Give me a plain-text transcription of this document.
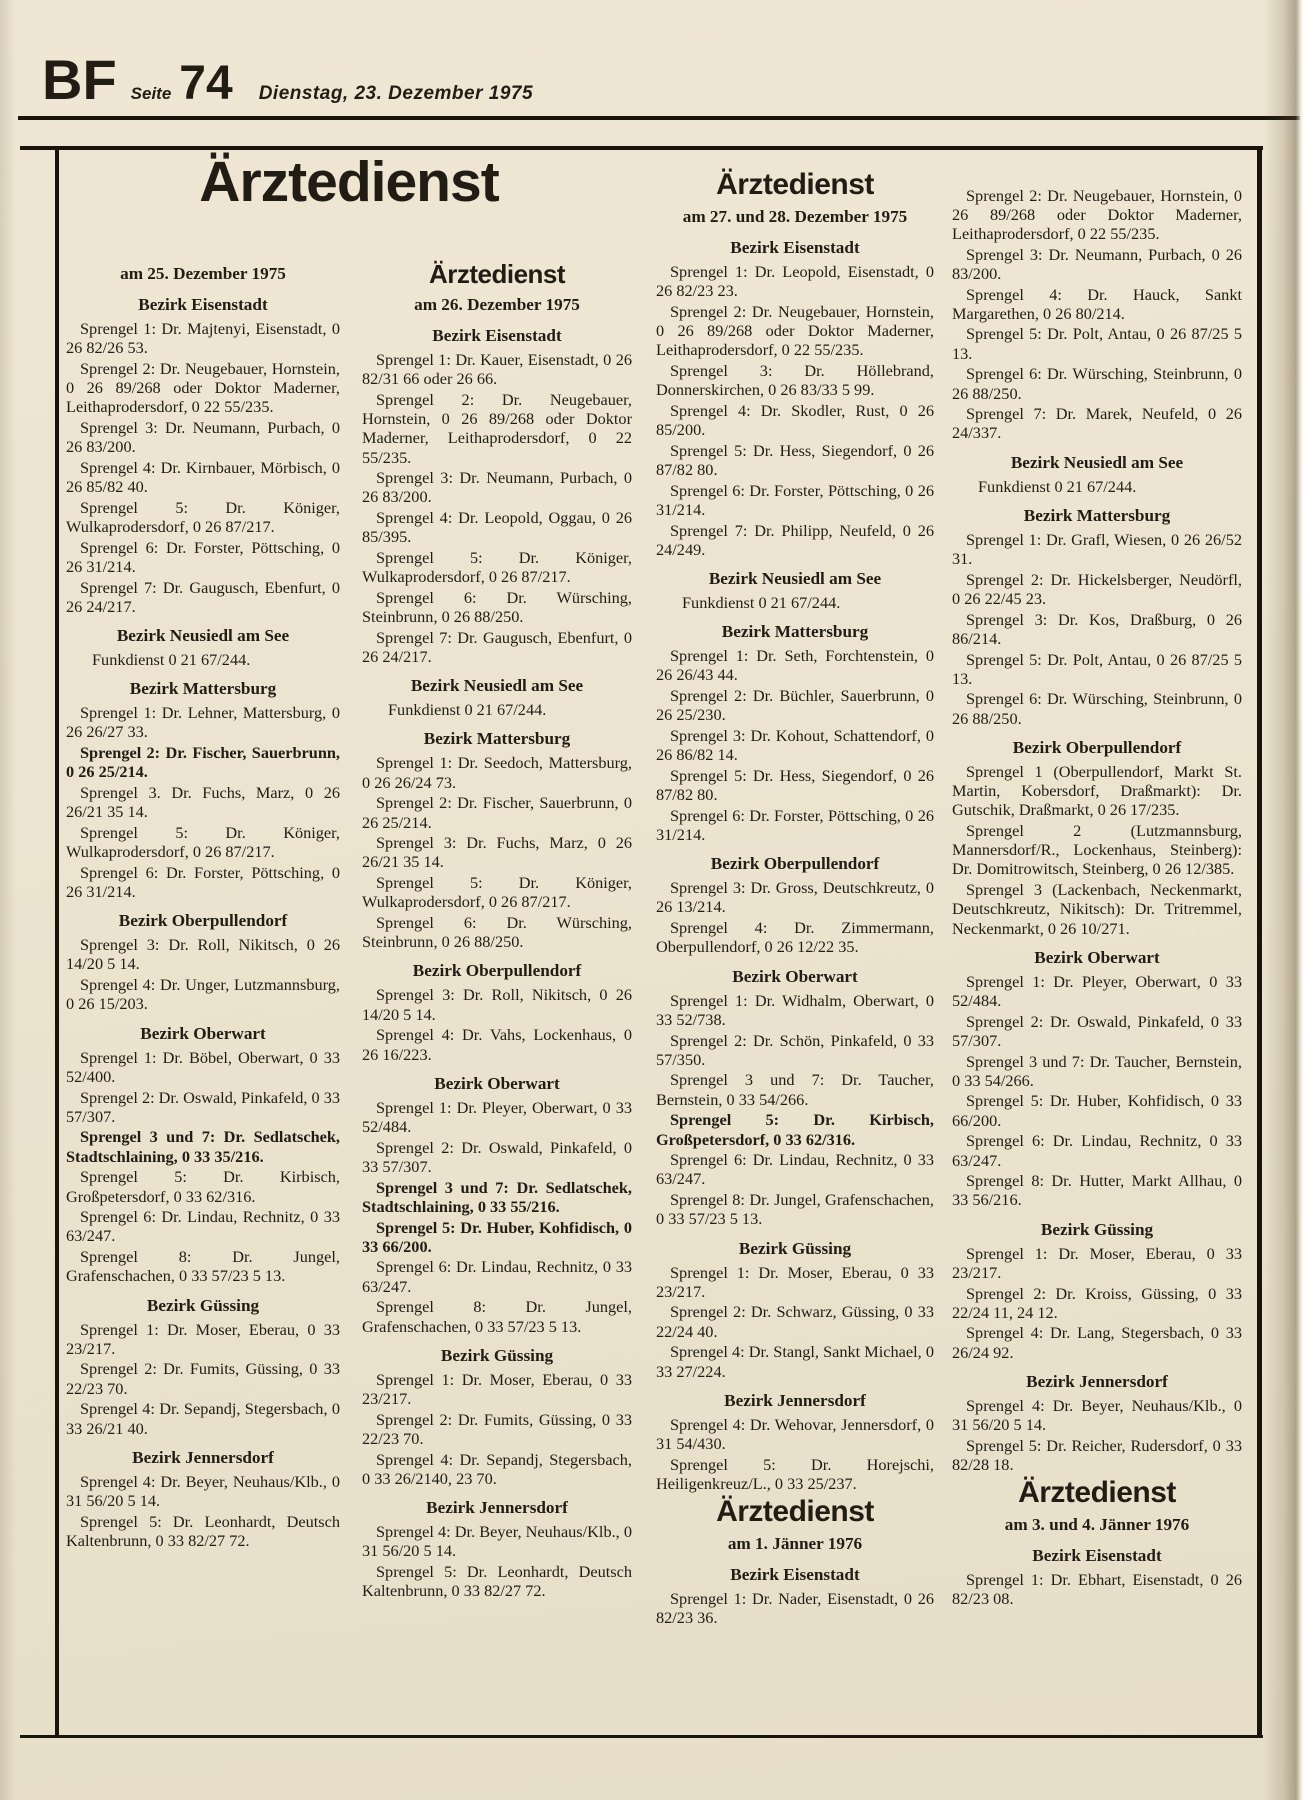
BF Seite 74 Dienstag, 23. Dezember 1975
Ärztedienst
am 25. Dezember 1975
Bezirk Eisenstadt
Sprengel 1: Dr. Majtenyi, Eisenstadt, 0 26 82/26 53.
Sprengel 2: Dr. Neugebauer, Hornstein, 0 26 89/268 oder Doktor Maderner, Leithaprodersdorf, 0 22 55/235.
Sprengel 3: Dr. Neumann, Purbach, 0 26 83/200.
Sprengel 4: Dr. Kirnbauer, Mörbisch, 0 26 85/82 40.
Sprengel 5: Dr. Königer, Wulkaprodersdorf, 0 26 87/217.
Sprengel 6: Dr. Forster, Pöttsching, 0 26 31/214.
Sprengel 7: Dr. Gaugusch, Ebenfurt, 0 26 24/217.
Bezirk Neusiedl am See
Funkdienst 0 21 67/244.
Bezirk Mattersburg
Sprengel 1: Dr. Lehner, Mattersburg, 0 26 26/27 33.
Sprengel 2: Dr. Fischer, Sauerbrunn, 0 26 25/214.
Sprengel 3. Dr. Fuchs, Marz, 0 26 26/21 35 14.
Sprengel 5: Dr. Königer, Wulkaprodersdorf, 0 26 87/217.
Sprengel 6: Dr. Forster, Pöttsching, 0 26 31/214.
Bezirk Oberpullendorf
Sprengel 3: Dr. Roll, Nikitsch, 0 26 14/20 5 14.
Sprengel 4: Dr. Unger, Lutzmannsburg, 0 26 15/203.
Bezirk Oberwart
Sprengel 1: Dr. Böbel, Oberwart, 0 33 52/400.
Sprengel 2: Dr. Oswald, Pinkafeld, 0 33 57/307.
Sprengel 3 und 7: Dr. Sedlatschek, Stadtschlaining, 0 33 35/216.
Sprengel 5: Dr. Kirbisch, Großpetersdorf, 0 33 62/316.
Sprengel 6: Dr. Lindau, Rechnitz, 0 33 63/247.
Sprengel 8: Dr. Jungel, Grafenschachen, 0 33 57/23 5 13.
Bezirk Güssing
Sprengel 1: Dr. Moser, Eberau, 0 33 23/217.
Sprengel 2: Dr. Fumits, Güssing, 0 33 22/23 70.
Sprengel 4: Dr. Sepandj, Stegersbach, 0 33 26/21 40.
Bezirk Jennersdorf
Sprengel 4: Dr. Beyer, Neuhaus/Klb., 0 31 56/20 5 14.
Sprengel 5: Dr. Leonhardt, Deutsch Kaltenbrunn, 0 33 82/27 72.
Ärztedienst
am 26. Dezember 1975
Bezirk Eisenstadt
Sprengel 1: Dr. Kauer, Eisenstadt, 0 26 82/31 66 oder 26 66.
Sprengel 2: Dr. Neugebauer, Hornstein, 0 26 89/268 oder Doktor Maderner, Leithaprodersdorf, 0 22 55/235.
Sprengel 3: Dr. Neumann, Purbach, 0 26 83/200.
Sprengel 4: Dr. Leopold, Oggau, 0 26 85/395.
Sprengel 5: Dr. Königer, Wulkaprodersdorf, 0 26 87/217.
Sprengel 6: Dr. Würsching, Steinbrunn, 0 26 88/250.
Sprengel 7: Dr. Gaugusch, Ebenfurt, 0 26 24/217.
Bezirk Neusiedl am See
Funkdienst 0 21 67/244.
Bezirk Mattersburg
Sprengel 1: Dr. Seedoch, Mattersburg, 0 26 26/24 73.
Sprengel 2: Dr. Fischer, Sauerbrunn, 0 26 25/214.
Sprengel 3: Dr. Fuchs, Marz, 0 26 26/21 35 14.
Sprengel 5: Dr. Königer, Wulkaprodersdorf, 0 26 87/217.
Sprengel 6: Dr. Würsching, Steinbrunn, 0 26 88/250.
Bezirk Oberpullendorf
Sprengel 3: Dr. Roll, Nikitsch, 0 26 14/20 5 14.
Sprengel 4: Dr. Vahs, Lockenhaus, 0 26 16/223.
Bezirk Oberwart
Sprengel 1: Dr. Pleyer, Oberwart, 0 33 52/484.
Sprengel 2: Dr. Oswald, Pinkafeld, 0 33 57/307.
Sprengel 3 und 7: Dr. Sedlatschek, Stadtschlaining, 0 33 55/216.
Sprengel 5: Dr. Huber, Kohfidisch, 0 33 66/200.
Sprengel 6: Dr. Lindau, Rechnitz, 0 33 63/247.
Sprengel 8: Dr. Jungel, Grafenschachen, 0 33 57/23 5 13.
Bezirk Güssing
Sprengel 1: Dr. Moser, Eberau, 0 33 23/217.
Sprengel 2: Dr. Fumits, Güssing, 0 33 22/23 70.
Sprengel 4: Dr. Sepandj, Stegersbach, 0 33 26/2140, 23 70.
Bezirk Jennersdorf
Sprengel 4: Dr. Beyer, Neuhaus/Klb., 0 31 56/20 5 14.
Sprengel 5: Dr. Leonhardt, Deutsch Kaltenbrunn, 0 33 82/27 72.
Ärztedienst
am 27. und 28. Dezember 1975
Bezirk Eisenstadt
Sprengel 1: Dr. Leopold, Eisenstadt, 0 26 82/23 23.
Sprengel 2: Dr. Neugebauer, Hornstein, 0 26 89/268 oder Doktor Maderner, Leithaprodersdorf, 0 22 55/235.
Sprengel 3: Dr. Höllebrand, Donnerskirchen, 0 26 83/33 5 99.
Sprengel 4: Dr. Skodler, Rust, 0 26 85/200.
Sprengel 5: Dr. Hess, Siegendorf, 0 26 87/82 80.
Sprengel 6: Dr. Forster, Pöttsching, 0 26 31/214.
Sprengel 7: Dr. Philipp, Neufeld, 0 26 24/249.
Bezirk Neusiedl am See
Funkdienst 0 21 67/244.
Bezirk Mattersburg
Sprengel 1: Dr. Seth, Forchtenstein, 0 26 26/43 44.
Sprengel 2: Dr. Büchler, Sauerbrunn, 0 26 25/230.
Sprengel 3: Dr. Kohout, Schattendorf, 0 26 86/82 14.
Sprengel 5: Dr. Hess, Siegendorf, 0 26 87/82 80.
Sprengel 6: Dr. Forster, Pöttsching, 0 26 31/214.
Bezirk Oberpullendorf
Sprengel 3: Dr. Gross, Deutschkreutz, 0 26 13/214.
Sprengel 4: Dr. Zimmermann, Oberpullendorf, 0 26 12/22 35.
Bezirk Oberwart
Sprengel 1: Dr. Widhalm, Oberwart, 0 33 52/738.
Sprengel 2: Dr. Schön, Pinkafeld, 0 33 57/350.
Sprengel 3 und 7: Dr. Taucher, Bernstein, 0 33 54/266.
Sprengel 5: Dr. Kirbisch, Großpetersdorf, 0 33 62/316.
Sprengel 6: Dr. Lindau, Rechnitz, 0 33 63/247.
Sprengel 8: Dr. Jungel, Grafenschachen, 0 33 57/23 5 13.
Bezirk Güssing
Sprengel 1: Dr. Moser, Eberau, 0 33 23/217.
Sprengel 2: Dr. Schwarz, Güssing, 0 33 22/24 40.
Sprengel 4: Dr. Stangl, Sankt Michael, 0 33 27/224.
Bezirk Jennersdorf
Sprengel 4: Dr. Wehovar, Jennersdorf, 0 31 54/430.
Sprengel 5: Dr. Horejschi, Heiligenkreuz/L., 0 33 25/237.
Ärztedienst
am 1. Jänner 1976
Bezirk Eisenstadt
Sprengel 1: Dr. Nader, Eisenstadt, 0 26 82/23 36.
Sprengel 2: Dr. Neugebauer, Hornstein, 0 26 89/268 oder Doktor Maderner, Leithaprodersdorf, 0 22 55/235.
Sprengel 3: Dr. Neumann, Purbach, 0 26 83/200.
Sprengel 4: Dr. Hauck, Sankt Margarethen, 0 26 80/214.
Sprengel 5: Dr. Polt, Antau, 0 26 87/25 5 13.
Sprengel 6: Dr. Würsching, Steinbrunn, 0 26 88/250.
Sprengel 7: Dr. Marek, Neufeld, 0 26 24/337.
Bezirk Neusiedl am See
Funkdienst 0 21 67/244.
Bezirk Mattersburg
Sprengel 1: Dr. Grafl, Wiesen, 0 26 26/52 31.
Sprengel 2: Dr. Hickelsberger, Neudörfl, 0 26 22/45 23.
Sprengel 3: Dr. Kos, Draßburg, 0 26 86/214.
Sprengel 5: Dr. Polt, Antau, 0 26 87/25 5 13.
Sprengel 6: Dr. Würsching, Steinbrunn, 0 26 88/250.
Bezirk Oberpullendorf
Sprengel 1 (Oberpullendorf, Markt St. Martin, Kobersdorf, Draßmarkt): Dr. Gutschik, Draßmarkt, 0 26 17/235.
Sprengel 2 (Lutzmannsburg, Mannersdorf/R., Lockenhaus, Steinberg): Dr. Domitrowitsch, Steinberg, 0 26 12/385.
Sprengel 3 (Lackenbach, Neckenmarkt, Deutschkreutz, Nikitsch): Dr. Tritremmel, Neckenmarkt, 0 26 10/271.
Bezirk Oberwart
Sprengel 1: Dr. Pleyer, Oberwart, 0 33 52/484.
Sprengel 2: Dr. Oswald, Pinkafeld, 0 33 57/307.
Sprengel 3 und 7: Dr. Taucher, Bernstein, 0 33 54/266.
Sprengel 5: Dr. Huber, Kohfidisch, 0 33 66/200.
Sprengel 6: Dr. Lindau, Rechnitz, 0 33 63/247.
Sprengel 8: Dr. Hutter, Markt Allhau, 0 33 56/216.
Bezirk Güssing
Sprengel 1: Dr. Moser, Eberau, 0 33 23/217.
Sprengel 2: Dr. Kroiss, Güssing, 0 33 22/24 11, 24 12.
Sprengel 4: Dr. Lang, Stegersbach, 0 33 26/24 92.
Bezirk Jennersdorf
Sprengel 4: Dr. Beyer, Neuhaus/Klb., 0 31 56/20 5 14.
Sprengel 5: Dr. Reicher, Rudersdorf, 0 33 82/28 18.
Ärztedienst
am 3. und 4. Jänner 1976
Bezirk Eisenstadt
Sprengel 1: Dr. Ebhart, Eisenstadt, 0 26 82/23 08.
